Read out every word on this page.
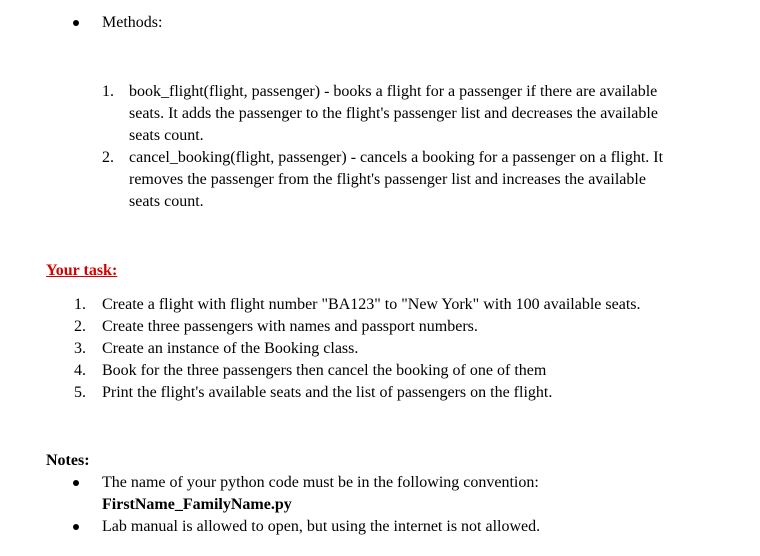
Methods:
1. book_flight(flight, passenger) - books a flight for a passenger if there are available
seats. It adds the passenger to the flight's passenger list and decreases the available
seats count.
2. cancel_booking(flight, passenger) - cancels a booking for a passenger on a flight. It
removes the passenger from the flight's passenger list and increases the available
seats count.
Your task:
1. Create a flight with flight number "BA123" to "New York" with 100 available seats.
2. Create three passengers with names and passport numbers.
3. Create an instance of the Booking class.
4. Book for the three passengers then cancel the booking of one of them
5. Print the flight's available seats and the list of passengers on the flight.
Notes:
The name of your python code must be in the following convention:
FirstName_FamilyName.py
Lab manual is allowed to open, but using the internet is not allowed.
